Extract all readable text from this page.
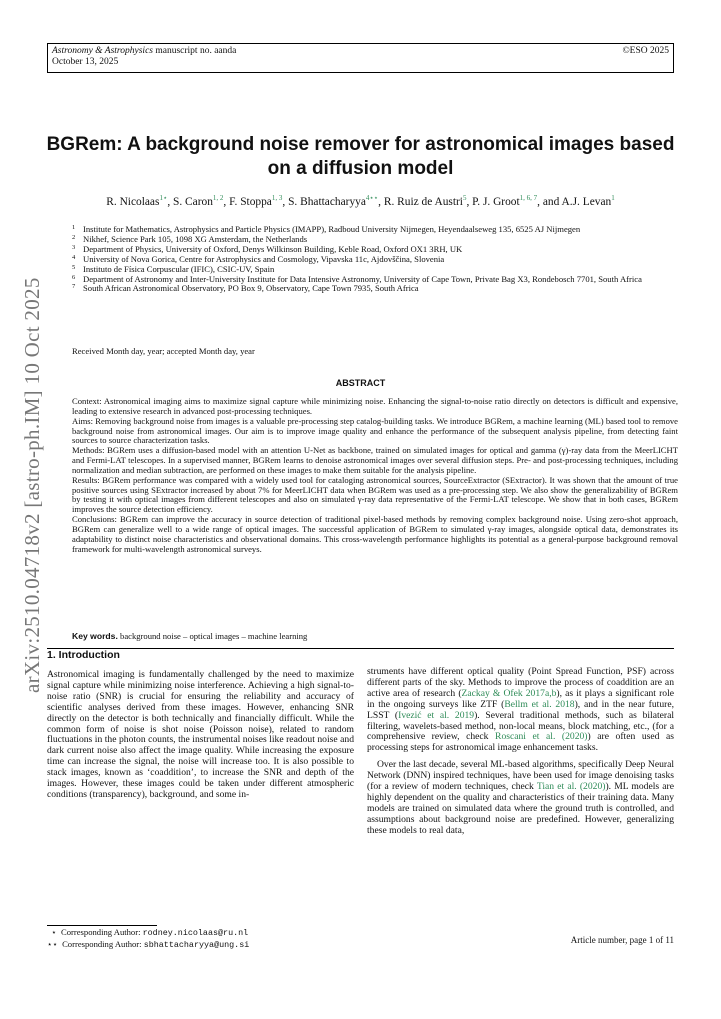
Astronomy & Astrophysics manuscript no. aanda
October 13, 2025
©ESO 2025
arXiv:2510.04718v2 [astro-ph.IM] 10 Oct 2025
BGRem: A background noise remover for astronomical images based on a diffusion model
R. Nicolaas$^{1⋆}$, S. Caron$^{1, 2}$, F. Stoppa$^{1, 3}$, S. Bhattacharyya$^{4⋆⋆}$, R. Ruiz de Austri$^5$, P. J. Groot$^{1, 6, 7}$, and A.J. Levan$^1$
1 Institute for Mathematics, Astrophysics and Particle Physics (IMAPP), Radboud University Nijmegen, Heyendaalseweg 135, 6525 AJ Nijmegen
2 Nikhef, Science Park 105, 1098 XG Amsterdam, the Netherlands
3 Department of Physics, University of Oxford, Denys Wilkinson Building, Keble Road, Oxford OX1 3RH, UK
4 University of Nova Gorica, Centre for Astrophysics and Cosmology, Vipavska 11c, Ajdovščina, Slovenia
5 Instituto de Física Corpuscular (IFIC), CSIC-UV, Spain
6 Department of Astronomy and Inter-University Institute for Data Intensive Astronomy, University of Cape Town, Private Bag X3, Rondebosch 7701, South Africa
7 South African Astronomical Observatory, PO Box 9, Observatory, Cape Town 7935, South Africa
Received Month day, year; accepted Month day, year
ABSTRACT

Context: Astronomical imaging aims to maximize signal capture while minimizing noise. Enhancing the signal-to-noise ratio directly on detectors is difficult and expensive, leading to extensive research in advanced post-processing techniques.

Aims: Removing background noise from images is a valuable pre-processing step catalog-building tasks. We introduce BGRem, a machine learning (ML) based tool to remove background noise from astronomical images. Our aim is to improve image quality and enhance the performance of the subsequent analysis pipeline, from detecting faint sources to source characterization tasks.

Methods: BGRem uses a diffusion-based model with an attention U-Net as backbone, trained on simulated images for optical and gamma (γ)-ray data from the MeerLICHT and Fermi-LAT telescopes. In a supervised manner, BGRem learns to denoise astronomical images over several diffusion steps. Pre- and post-processing techniques, including normalization and median subtraction, are performed on these images to make them suitable for the analysis pipeline.

Results: BGRem performance was compared with a widely used tool for cataloging astronomical sources, SourceExtractor (SExtractor). It was shown that the amount of true positive sources using SExtractor increased by about 7% for MeerLICHT data when BGRem was used as a pre-processing step. We also show the generalizability of BGRem by testing it with optical images from different telescopes and also on simulated γ-ray data representative of the Fermi-LAT telescope. We show that in both cases, BGRem improves the source detection efficiency.

Conclusions: BGRem can improve the accuracy in source detection of traditional pixel-based methods by removing complex background noise. Using zero-shot approach, BGRem can generalize well to a wide range of optical images. The successful application of BGRem to simulated γ-ray images, alongside optical data, demonstrates its adaptability to distinct noise characteristics and observational domains. This cross-wavelength performance highlights its potential as a general-purpose background removal framework for multi-wavelength astronomical surveys.

Key words. background noise – optical images – machine learning
1. Introduction

Astronomical imaging is fundamentally challenged by the need to maximize signal capture while minimizing noise interference. Achieving a high signal-to-noise ratio (SNR) is crucial for ensuring the reliability and accuracy of scientific analyses derived from these images. However, enhancing SNR directly on the detector is both technically and financially difficult. While the common form of noise is shot noise (Poisson noise), related to random fluctuations in the photon counts, the instrumental noises like readout noise and dark current noise also affect the image quality. While increasing the exposure time can increase the signal, the noise will increase too. It is also possible to stack images, known as ‘coaddition’, to increase the SNR and depth of the images. However, these images could be taken under different atmospheric conditions (transparency), background, and some in-

struments have different optical quality (Point Spread Function, PSF) across different parts of the sky. Methods to improve the process of coaddition are an active area of research (Zackay & Ofek 2017a,b), as it plays a significant role in the ongoing surveys like ZTF (Bellm et al. 2018), and in the near future, LSST (Ivezić et al. 2019). Several traditional methods, such as bilateral filtering, wavelets-based method, non-local means, block matching, etc., (for a comprehensive review, check Roscani et al. (2020)) are often used as processing steps for astronomical image enhancement tasks.

Over the last decade, several ML-based algorithms, specifically Deep Neural Network (DNN) inspired techniques, have been used for image denoising tasks (for a review of modern techniques, check Tian et al. (2020)). ML models are highly dependent on the quality and characteristics of their training data. Many models are trained on simulated data where the ground truth is controlled, and assumptions about background noise are predefined. However, generalizing these models to real data,

⋆ Corresponding Author: rodney.nicolaas@ru.nl
⋆⋆ Corresponding Author: sbhattacharyya@ung.si	Article number, page 1 of 11
